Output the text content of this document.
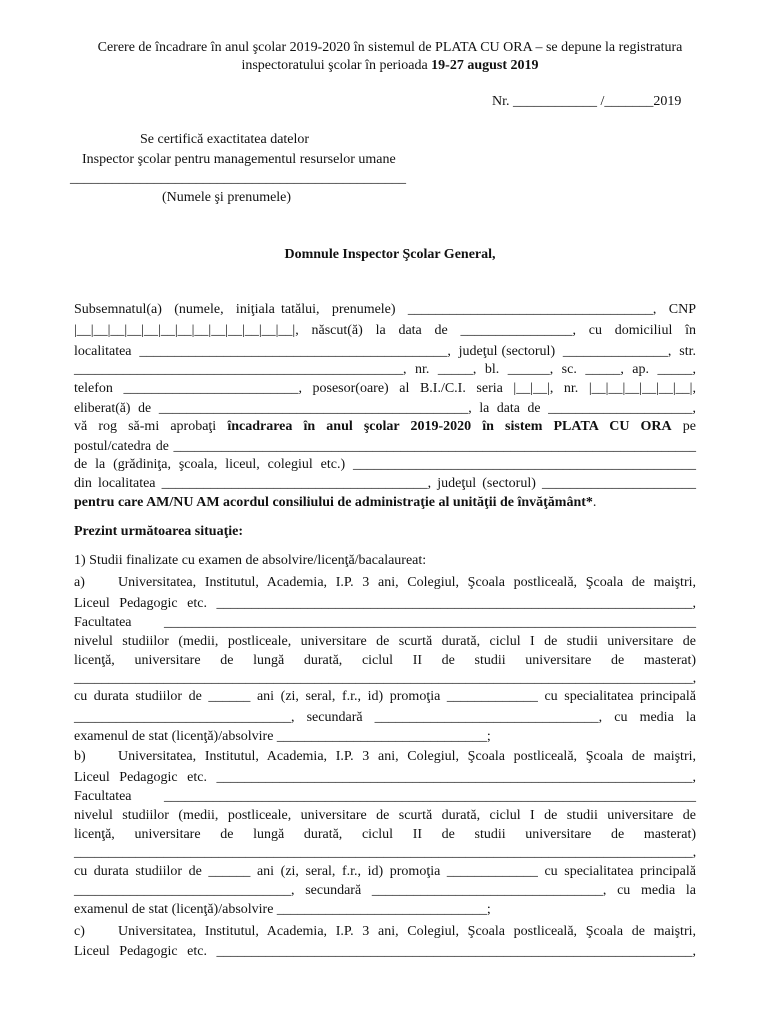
Cerere de încadrare în anul şcolar 2019-2020 în sistemul de PLATA CU ORA – se depune la registratura
inspectoratului şcolar în perioada 19-27 august 2019
Nr. ____________ /_______2019
Se certifică exactitatea datelor
Inspector şcolar pentru managementul resurselor umane
________________________________________________
(Numele şi prenumele)
Domnule Inspector Şcolar General,
Subsemnatul(a)  (numele,  iniţiala tatălui,  prenumele)  ___________________________________,  CNP
|__|__|__|__|__|__|__|__|__|__|__|__|__|,  născut(ă)  la  data  de  ________________,  cu  domiciliul  în
localitatea  ____________________________________________,  judeţul (sectorul)  _______________,  str.
_______________________________________________,  nr.  _____,  bl.  ______,  sc.  _____,  ap.  _____,
telefon  _________________________,  posesor(oare)  al  B.I./C.I.  seria  |__|__|,  nr.  |__|__|__|__|__|__|,
eliberat(ă)  de  _____________________________________________,  la  data  de  _____________________,
vă rog să-mi aprobaţi încadrarea în anul şcolar 2019-2020 în sistem PLATA CU ORA pe
postul/catedra de ____________________________________________________________________________
de la (grădiniţa, şcoala, liceul, colegiul etc.) _________________________________________________
din localitatea ______________________________________, judeţul (sectorul) ______________________
pentru care AM/NU AM acordul consiliului de administraţie al unităţii de învăţământ*.
Prezint următoarea situaţie:
1) Studii finalizate cu examen de absolvire/licenţă/bacalaureat:
a) Universitatea, Institutul, Academia, I.P. 3 ani, Colegiul, Şcoala postliceală, Şcoala de maiştri,
Liceul Pedagogic etc. ____________________________________________________________________,
Facultatea ____________________________________________________________________________
nivelul studiilor (medii, postliceale, universitare de scurtă durată, ciclul I de studii universitare de
licenţă,   universitare   de   lungă   durată,   ciclul   II   de   studii   universitare   de   masterat)
__________________________________________________________________________________________,
cu durata studiilor de ______ ani (zi, seral, f.r., id) promoţia _____________ cu specialitatea principală
_______________________________, secundară ________________________________, cu media la
examenul de stat (licenţă)/absolvire ______________________________;
b) Universitatea, Institutul, Academia, I.P. 3 ani, Colegiul, Şcoala postliceală, Şcoala de maiştri,
Liceul Pedagogic etc. ____________________________________________________________________,
Facultatea ____________________________________________________________________________
nivelul studiilor (medii, postliceale, universitare de scurtă durată, ciclul I de studii universitare de
licenţă,   universitare   de   lungă   durată,   ciclul   II   de   studii   universitare   de   masterat)
__________________________________________________________________________________________,
cu durata studiilor de ______ ani (zi, seral, f.r., id) promoţia _____________ cu specialitatea principală
_______________________________, secundară _________________________________, cu media la
examenul de stat (licenţă)/absolvire ______________________________;
c) Universitatea, Institutul, Academia, I.P. 3 ani, Colegiul, Şcoala postliceală, Şcoala de maiştri,
Liceul Pedagogic etc. ____________________________________________________________________,
